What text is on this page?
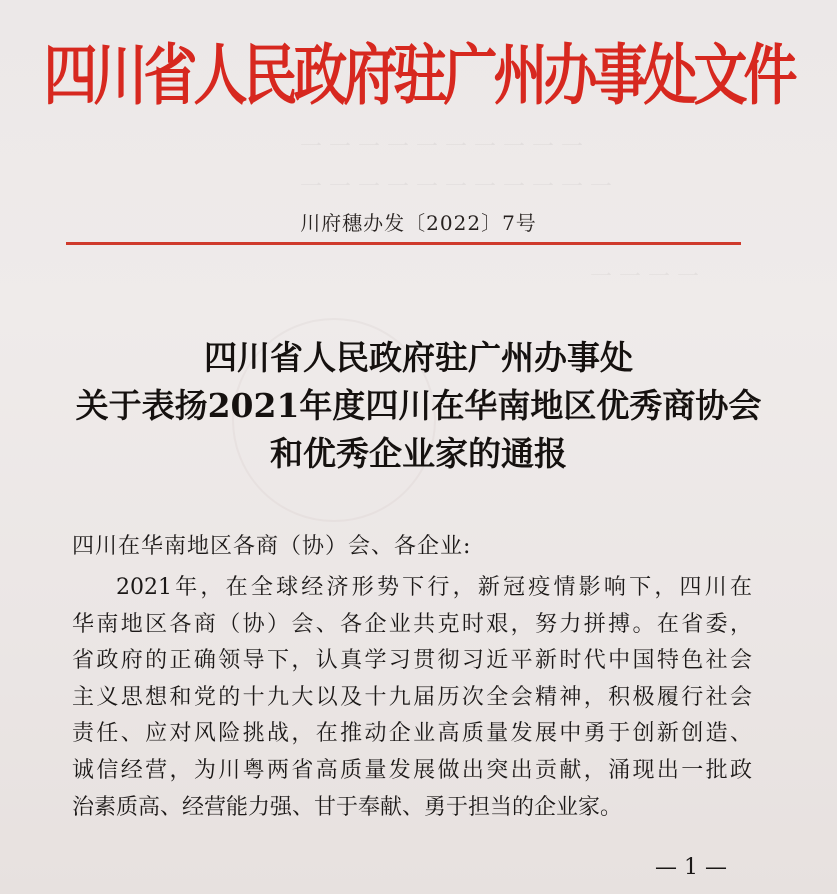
一 一 一 一 一 一 一 一 一 一
一 一 一 一 一 一 一 一 一 一 一
一 一 一 一
四川省人民政府驻广州办事处文件
川府穗办发〔2022〕7号
四川省人民政府驻广州办事处
关于表扬2021年度四川在华南地区优秀商协会
和优秀企业家的通报
四川在华南地区各商（协）会、各企业:
2021年，在全球经济形势下行，新冠疫情影响下，四川在
华南地区各商（协）会、各企业共克时艰，努力拼搏。在省委，
省政府的正确领导下，认真学习贯彻习近平新时代中国特色社会
主义思想和党的十九大以及十九届历次全会精神，积极履行社会
责任、应对风险挑战，在推动企业高质量发展中勇于创新创造、
诚信经营，为川粤两省高质量发展做出突出贡献，涌现出一批政
治素质高、经营能力强、甘于奉献、勇于担当的企业家。
— 1 —
